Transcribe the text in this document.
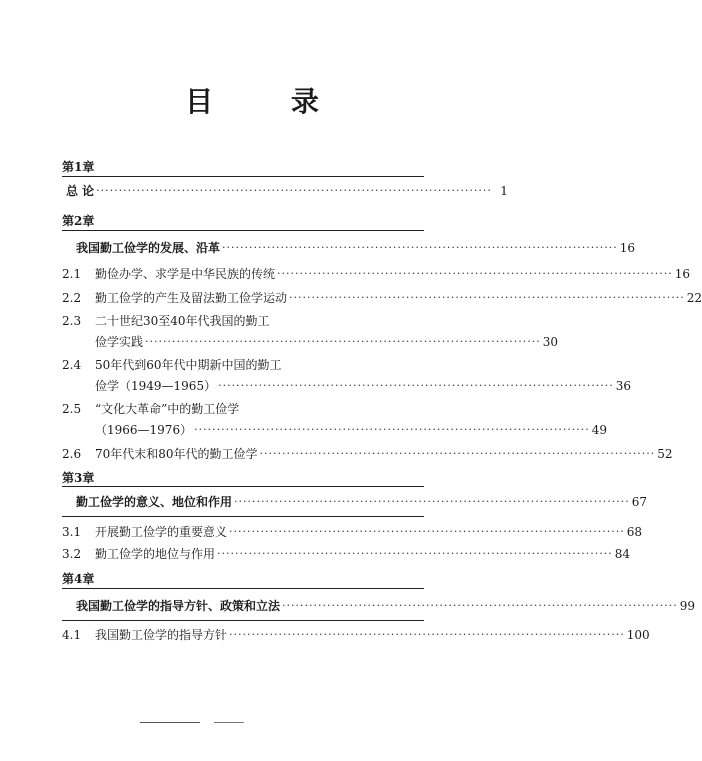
目 录
第1章
总 论 ························································································ 1
第2章
我国勤工俭学的发展、沿革 ························································································ 16
2.1	勤俭办学、求学是中华民族的传统 ························································································ 16
2.2	勤工俭学的产生及留法勤工俭学运动 ························································································ 22
2.3	二十世纪30至40年代我国的勤工
俭学实践 ························································································ 30
2.4	50年代到60年代中期新中国的勤工
俭学（1949—1965） ························································································ 36
2.5	“文化大革命”中的勤工俭学
（1966—1976） ························································································ 49
2.6	70年代末和80年代的勤工俭学 ························································································ 52
第3章
勤工俭学的意义、地位和作用 ························································································ 67
3.1	开展勤工俭学的重要意义 ························································································ 68
3.2	勤工俭学的地位与作用 ························································································ 84
第4章
我国勤工俭学的指导方针、政策和立法 ························································································ 99
4.1	我国勤工俭学的指导方针 ························································································ 100
